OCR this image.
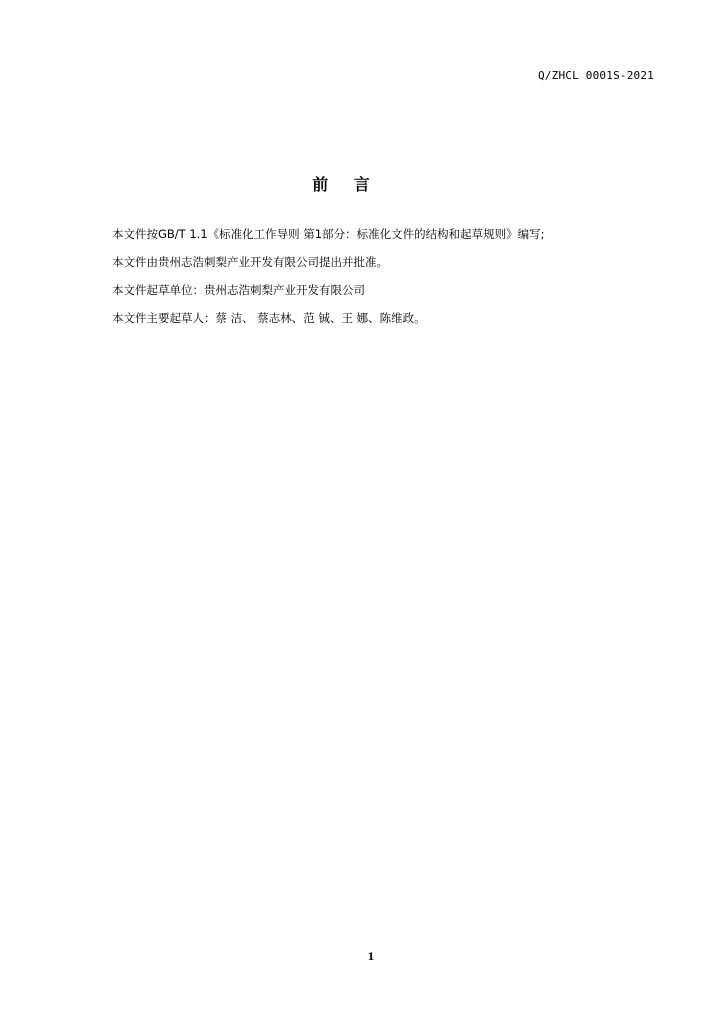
Q/ZHCL 0001S-2021
前 言

本文件按GB/T 1.1《标准化工作导则 第1部分：标准化文件的结构和起草规则》编写;

本文件由贵州志浩刺梨产业开发有限公司提出并批准。

本文件起草单位：贵州志浩刺梨产业开发有限公司

本文件主要起草人：蔡 洁、 蔡志林、范 铖、王 娜、陈维政。

1
